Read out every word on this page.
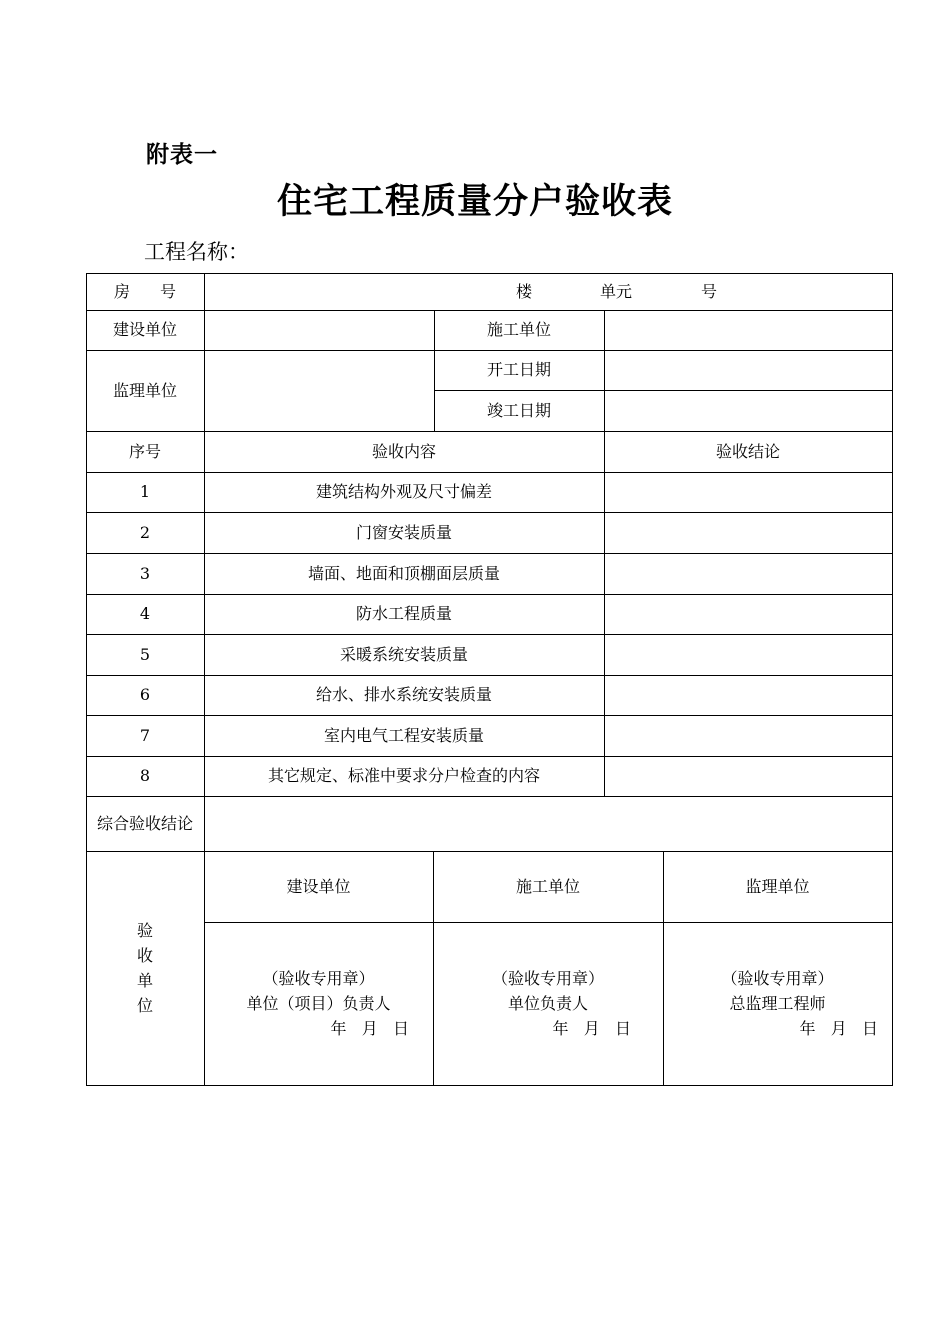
附表一
住宅工程质量分户验收表
工程名称：
房 号	楼	单元	号
建设单位	施工单位
监理单位
开工日期
竣工日期
序号	验收内容	验收结论
1	建筑结构外观及尺寸偏差
2	门窗安装质量
3	墙面、地面和顶棚面层质量
4	防水工程质量
5	采暖系统安装质量
6	给水、排水系统安装质量
7	室内电气工程安装质量
8	其它规定、标准中要求分户检查的内容
综合验收结论
验
收
单
位
建设单位	施工单位	监理单位
（验收专用章）
单位（项目）负责人
年   月   日
（验收专用章）
单位负责人
年   月   日
（验收专用章）
总监理工程师
年   月   日
